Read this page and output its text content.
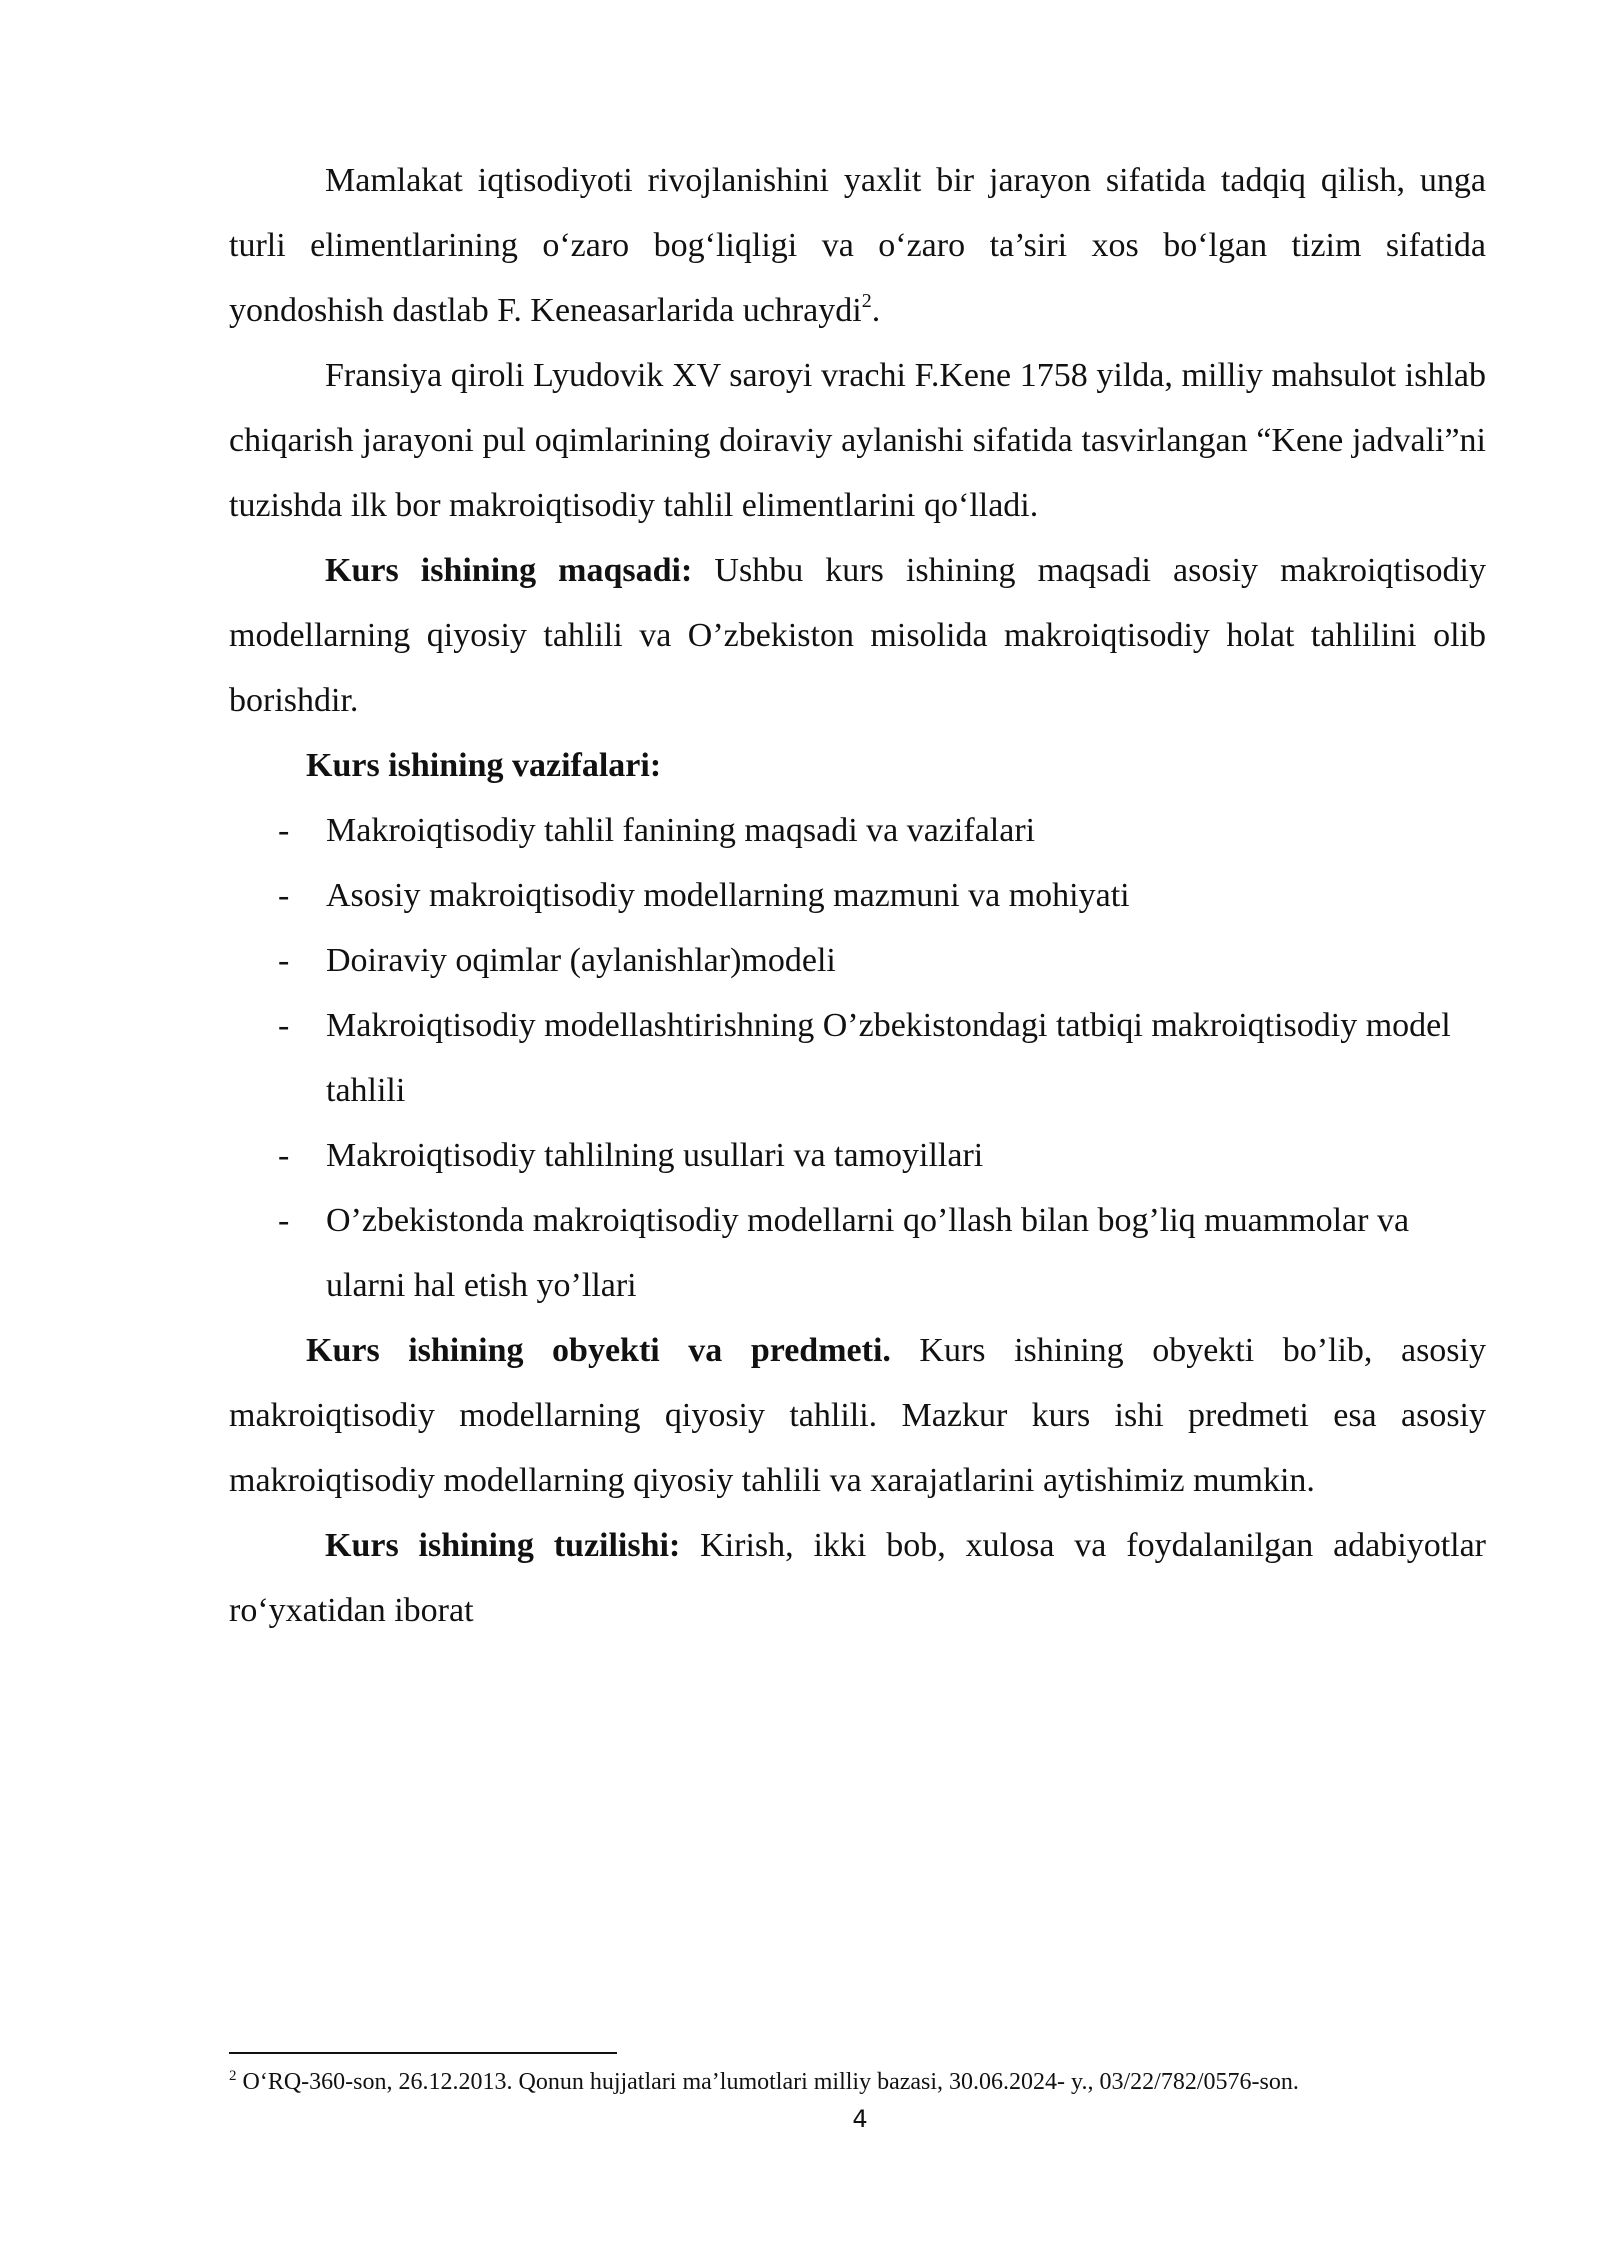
Mamlakat iqtisodiyoti rivojlanishini yaxlit bir jarayon sifatida tadqiq qilish, unga turli elimentlarining o‘zaro bog‘liqligi va o‘zaro ta’siri xos bo‘lgan tizim sifatida yondoshish dastlab F. Keneasarlarida uchraydi$^2$.

Fransiya qiroli Lyudovik XV saroyi vrachi F.Kene 1758 yilda, milliy mahsulot ishlab chiqarish jarayoni pul oqimlarining doiraviy aylanishi sifatida tasvirlangan “Kene jadvali”ni tuzishda ilk bor makroiqtisodiy tahlil elimentlarini qo‘lladi.

Kurs ishining maqsadi: Ushbu kurs ishining maqsadi asosiy makroiqtisodiy modellarning qiyosiy tahlili va O’zbekiston misolida makroiqtisodiy holat tahlilini olib borishdir.

Kurs ishining vazifalari:

- Makroiqtisodiy tahlil fanining maqsadi va vazifalari
- Asosiy makroiqtisodiy modellarning mazmuni va mohiyati
- Doiraviy oqimlar (aylanishlar)modeli
- Makroiqtisodiy modellashtirishning O’zbekistondagi tatbiqi makroiqtisodiy model tahlili
- Makroiqtisodiy tahlilning usullari va tamoyillari
- O’zbekistonda makroiqtisodiy modellarni qo’llash bilan bog’liq muammolar va ularni hal etish yo’llari

Kurs ishining obyekti va predmeti. Kurs ishining obyekti bo’lib, asosiy makroiqtisodiy modellarning qiyosiy tahlili. Mazkur kurs ishi predmeti esa asosiy makroiqtisodiy modellarning qiyosiy tahlili va xarajatlarini aytishimiz mumkin.

Kurs ishining tuzilishi: Kirish, ikki bob, xulosa va foydalanilgan adabiyotlar ro‘yxatidan iborat

$^2$ O‘RQ-360-son, 26.12.2013. Qonun hujjatlari ma’lumotlari milliy bazasi, 30.06.2024- y., 03/22/782/0576-son.
4
